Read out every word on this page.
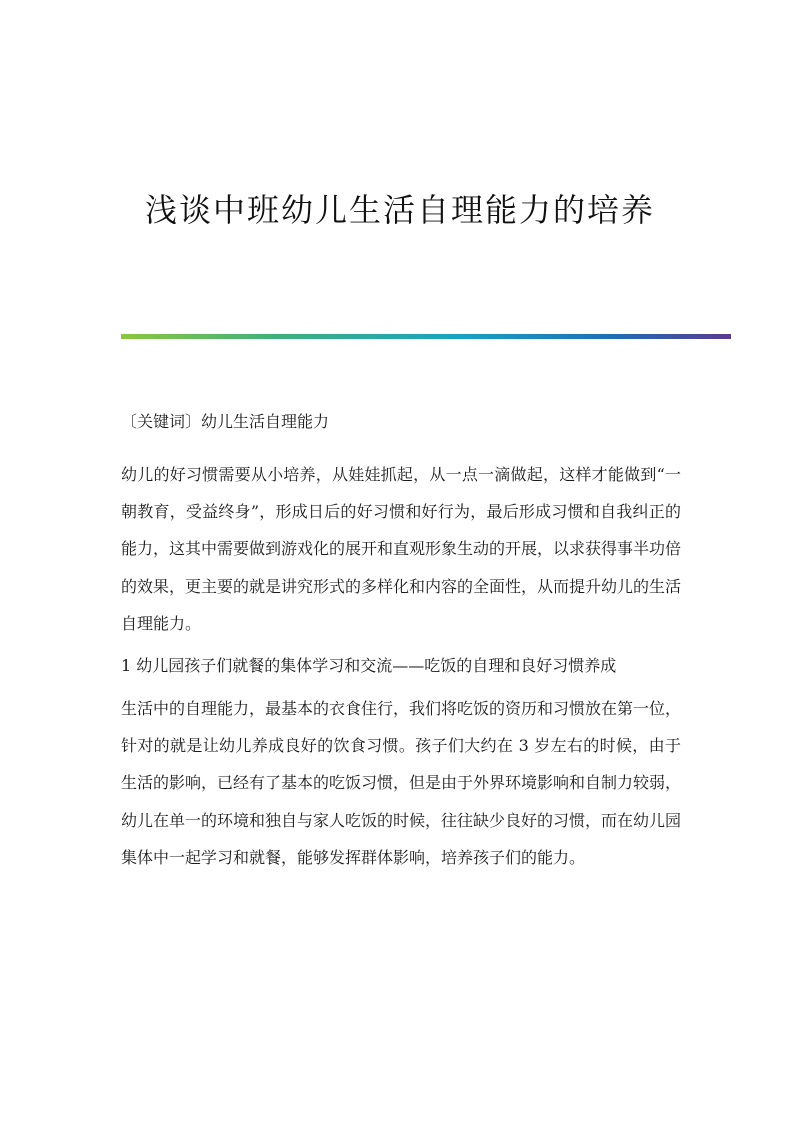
浅谈中班幼儿生活自理能力的培养
〔关键词〕幼儿生活自理能力

幼儿的好习惯需要从小培养，从娃娃抓起，从一点一滴做起，这样才能做到“一朝教育，受益终身”，形成日后的好习惯和好行为，最后形成习惯和自我纠正的能力，这其中需要做到游戏化的展开和直观形象生动的开展，以求获得事半功倍的效果，更主要的就是讲究形式的多样化和内容的全面性，从而提升幼儿的生活自理能力。

1 幼儿园孩子们就餐的集体学习和交流——吃饭的自理和良好习惯养成

生活中的自理能力，最基本的衣食住行，我们将吃饭的资历和习惯放在第一位，针对的就是让幼儿养成良好的饮食习惯。孩子们大约在 3 岁左右的时候，由于生活的影响，已经有了基本的吃饭习惯，但是由于外界环境影响和自制力较弱，幼儿在单一的环境和独自与家人吃饭的时候，往往缺少良好的习惯，而在幼儿园集体中一起学习和就餐，能够发挥群体影响，培养孩子们的能力。
